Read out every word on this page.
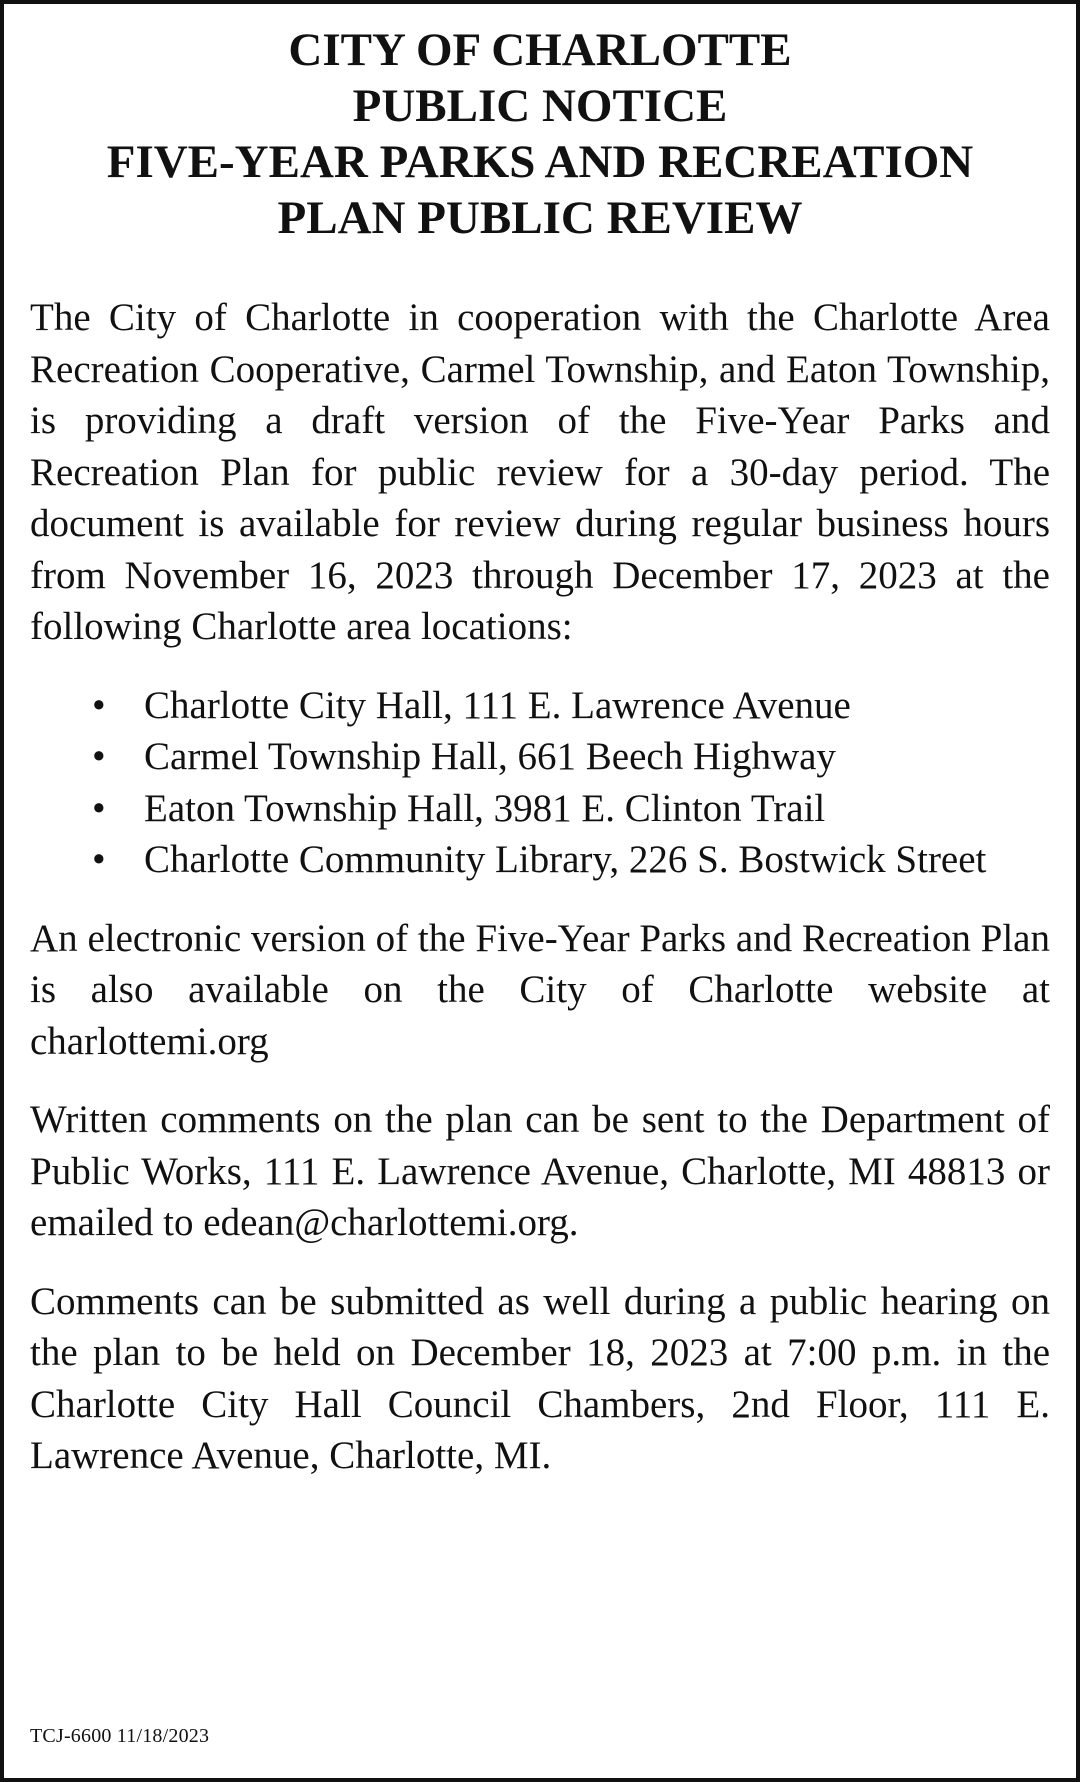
CITY OF CHARLOTTE
PUBLIC NOTICE
FIVE-YEAR PARKS AND RECREATION
PLAN PUBLIC REVIEW

The City of Charlotte in cooperation with the Charlotte Area Recreation Cooperative, Carmel Township, and Eaton Township, is providing a draft version of the Five-Year Parks and Recreation Plan for public review for a 30-day period. The document is available for review during regular business hours from November 16, 2023 through December 17, 2023 at the following Charlotte area locations:

• Charlotte City Hall, 111 E. Lawrence Avenue
• Carmel Township Hall, 661 Beech Highway
• Eaton Township Hall, 3981 E. Clinton Trail
• Charlotte Community Library, 226 S. Bostwick Street

An electronic version of the Five-Year Parks and Recreation Plan is also available on the City of Charlotte website at charlottemi.org

Written comments on the plan can be sent to the Department of Public Works, 111 E. Lawrence Avenue, Charlotte, MI 48813 or emailed to edean@charlottemi.org.

Comments can be submitted as well during a public hearing on the plan to be held on December 18, 2023 at 7:00 p.m. in the Charlotte City Hall Council Chambers, 2nd Floor, 111 E. Lawrence Avenue, Charlotte, MI.

TCJ-6600 11/18/2023
